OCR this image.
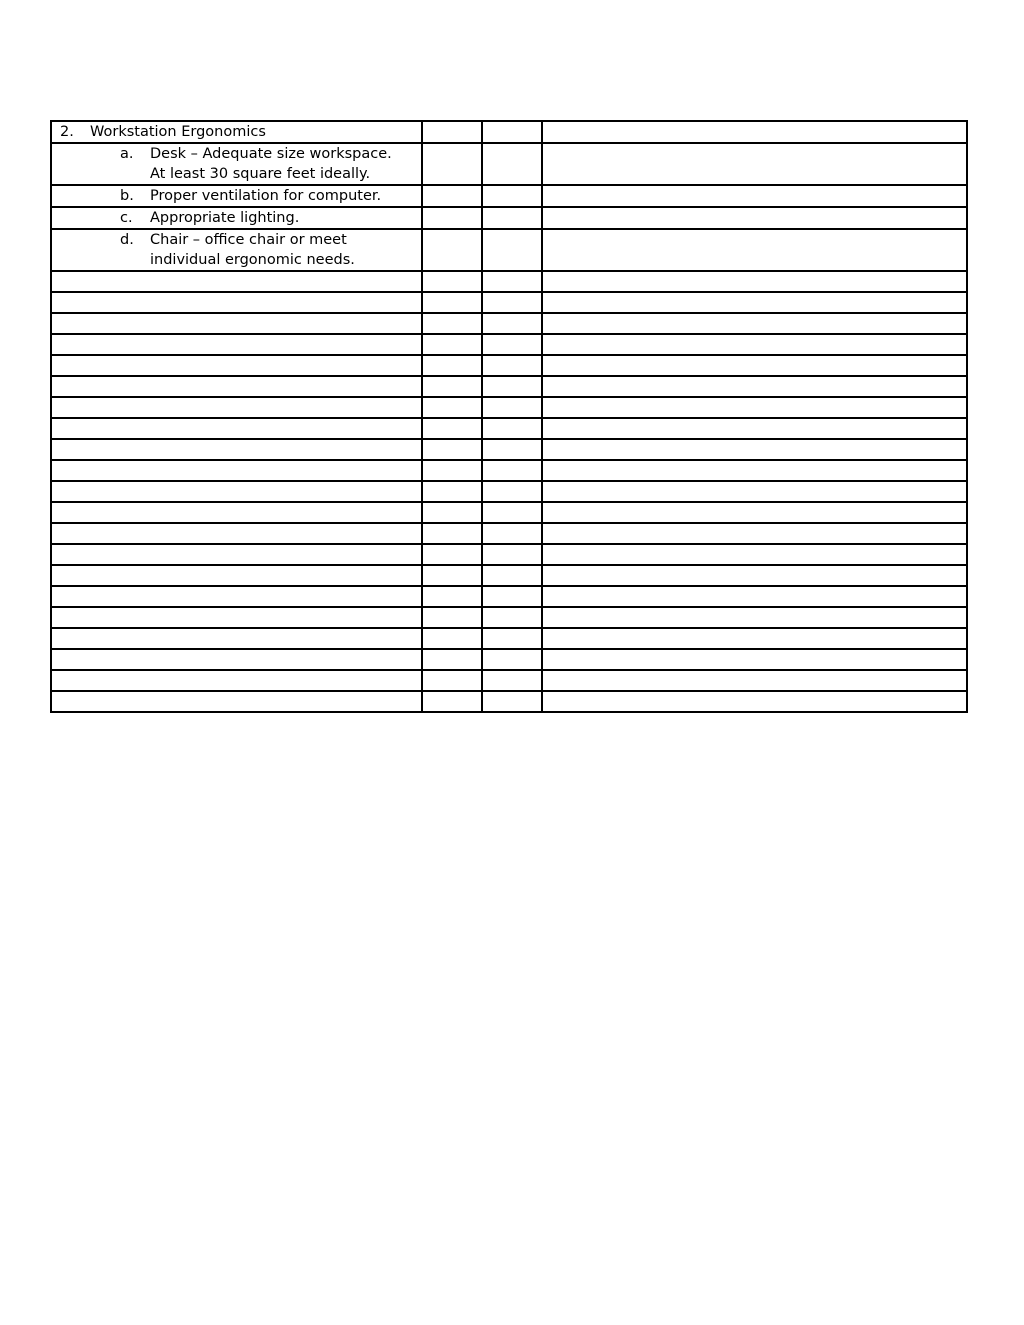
2. Workstation Ergonomics			

a. Desk – Adequate size workspace.
At least 30 square feet ideally.			

b. Proper ventilation for computer.			

c. Appropriate lighting.			

d. Chair – office chair or meet
individual ergonomic needs.			
